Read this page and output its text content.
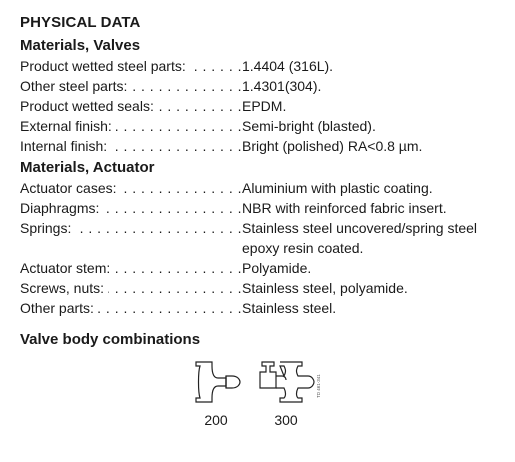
PHYSICAL DATA
Materials, Valves
Product wetted steel parts: . . .	1.4404 (316L).
Other steel parts: . . .	1.4301(304).
Product wetted seals: . . .	EPDM.
External finish: . . .	Semi-bright (blasted).
Internal finish: . . .	Bright (polished) RA<0.8 µm.
Materials, Actuator
Actuator cases: . . .	Aluminium with plastic coating.
Diaphragms: . . .	NBR with reinforced fabric insert.
Springs: . . .	Stainless steel uncovered/spring steel
epoxy resin coated.
Actuator stem: . . .	Polyamide.
Screws, nuts: . . .	Stainless steel, polyamide.
Other parts: . . .	Stainless steel.
Valve body combinations
200	300
TD 461-341
